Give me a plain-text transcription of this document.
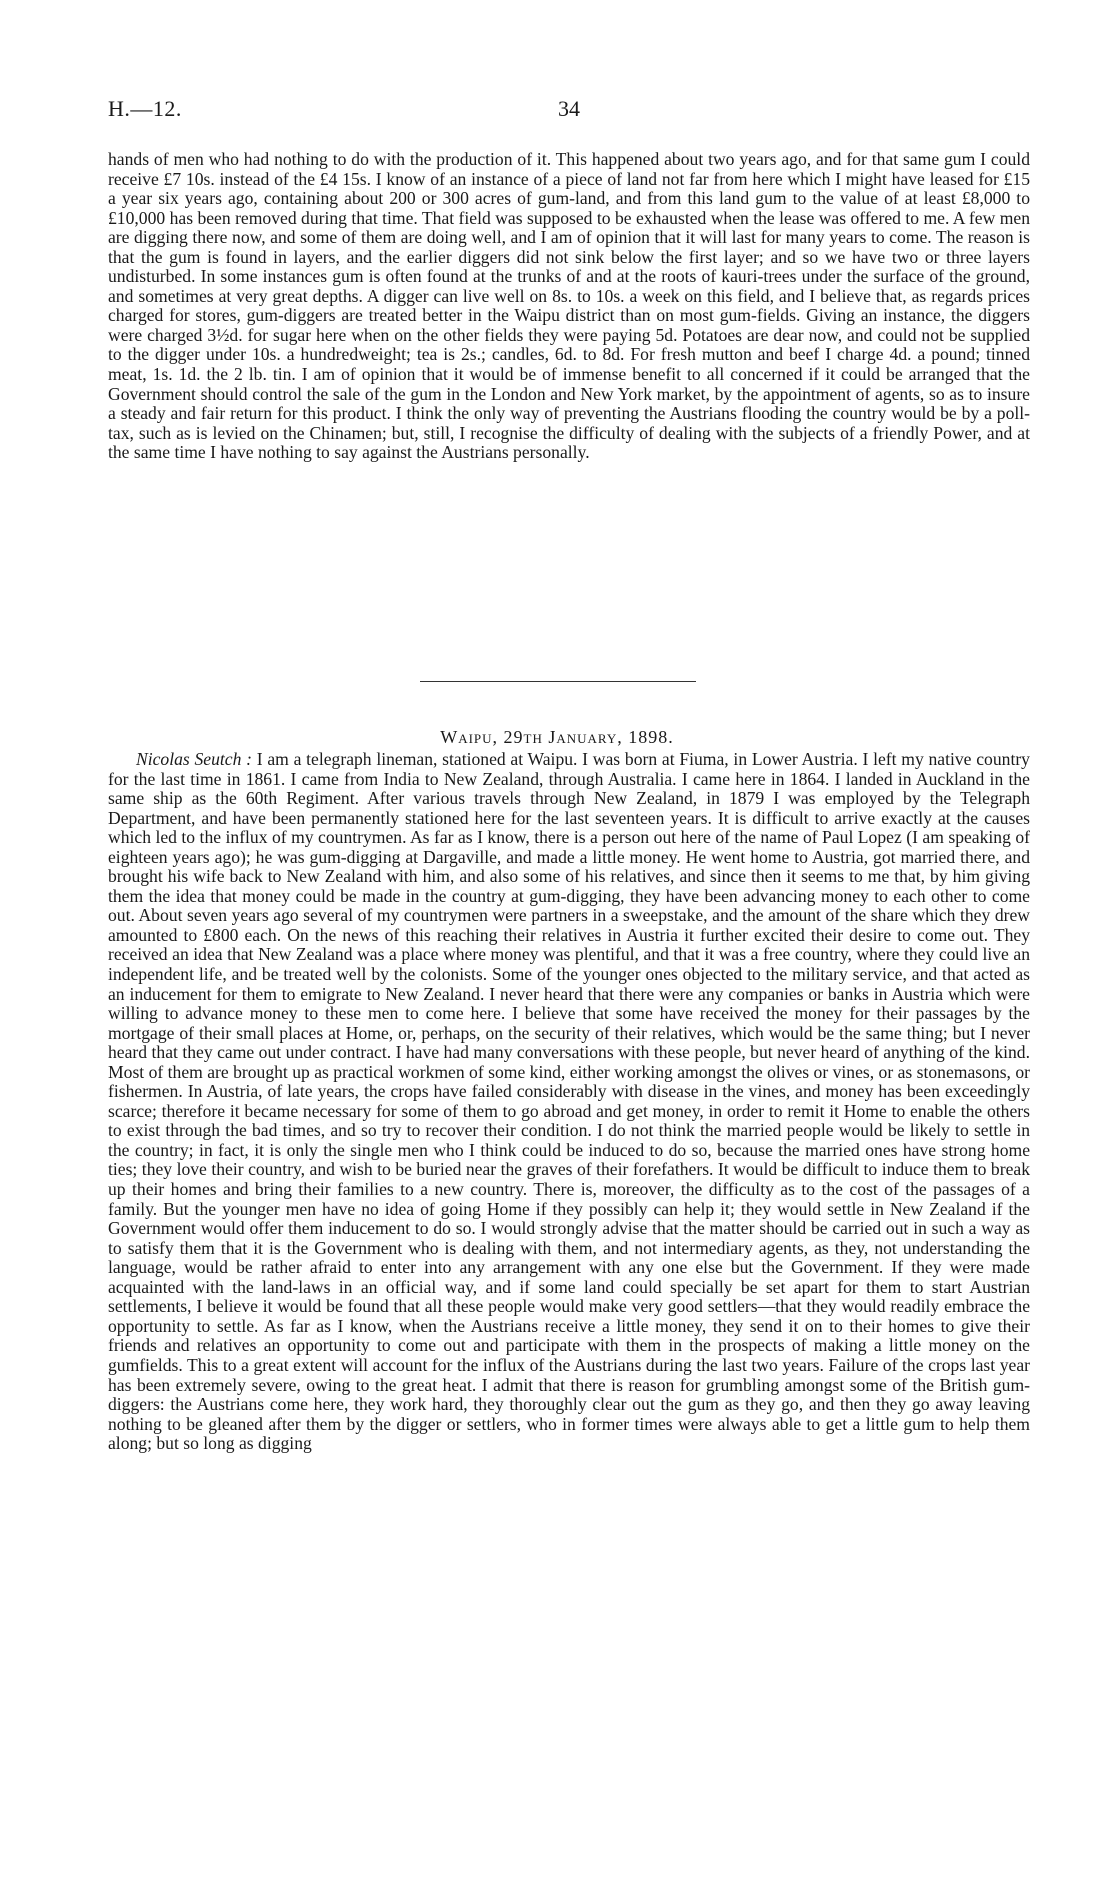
H.—12.	34

hands of men who had nothing to do with the production of it. This happened about two years ago, and for that same gum I could receive £7 10s. instead of the £4 15s. I know of an instance of a piece of land not far from here which I might have leased for £15 a year six years ago, containing about 200 or 300 acres of gum-land, and from this land gum to the value of at least £8,000 to £10,000 has been removed during that time. That field was supposed to be exhausted when the lease was offered to me. A few men are digging there now, and some of them are doing well, and I am of opinion that it will last for many years to come. The reason is that the gum is found in layers, and the earlier diggers did not sink below the first layer; and so we have two or three layers undisturbed. In some instances gum is often found at the trunks of and at the roots of kauri-trees under the surface of the ground, and sometimes at very great depths. A digger can live well on 8s. to 10s. a week on this field, and I believe that, as regards prices charged for stores, gum-diggers are treated better in the Waipu district than on most gum-fields. Giving an instance, the diggers were charged 3½d. for sugar here when on the other fields they were paying 5d. Potatoes are dear now, and could not be supplied to the digger under 10s. a hundredweight; tea is 2s.; candles, 6d. to 8d. For fresh mutton and beef I charge 4d. a pound; tinned meat, 1s. 1d. the 2 lb. tin. I am of opinion that it would be of immense benefit to all concerned if it could be arranged that the Government should control the sale of the gum in the London and New York market, by the appointment of agents, so as to insure a steady and fair return for this product. I think the only way of preventing the Austrians flooding the country would be by a poll-tax, such as is levied on the Chinamen; but, still, I recognise the difficulty of dealing with the subjects of a friendly Power, and at the same time I have nothing to say against the Austrians personally.

Waipu, 29th January, 1898.

Nicolas Seutch : I am a telegraph lineman, stationed at Waipu. I was born at Fiuma, in Lower Austria. I left my native country for the last time in 1861. I came from India to New Zealand, through Australia. I came here in 1864. I landed in Auckland in the same ship as the 60th Regiment. After various travels through New Zealand, in 1879 I was employed by the Telegraph Department, and have been permanently stationed here for the last seventeen years. It is difficult to arrive exactly at the causes which led to the influx of my countrymen. As far as I know, there is a person out here of the name of Paul Lopez (I am speaking of eighteen years ago); he was gum-digging at Dargaville, and made a little money. He went home to Austria, got married there, and brought his wife back to New Zealand with him, and also some of his relatives, and since then it seems to me that, by him giving them the idea that money could be made in the country at gum-digging, they have been advancing money to each other to come out. About seven years ago several of my countrymen were partners in a sweepstake, and the amount of the share which they drew amounted to £800 each. On the news of this reaching their relatives in Austria it further excited their desire to come out. They received an idea that New Zealand was a place where money was plentiful, and that it was a free country, where they could live an independent life, and be treated well by the colonists. Some of the younger ones objected to the military service, and that acted as an inducement for them to emigrate to New Zealand. I never heard that there were any companies or banks in Austria which were willing to advance money to these men to come here. I believe that some have received the money for their passages by the mortgage of their small places at Home, or, perhaps, on the security of their relatives, which would be the same thing; but I never heard that they came out under contract. I have had many conversations with these people, but never heard of anything of the kind. Most of them are brought up as practical workmen of some kind, either working amongst the olives or vines, or as stonemasons, or fishermen. In Austria, of late years, the crops have failed considerably with disease in the vines, and money has been exceedingly scarce; therefore it became necessary for some of them to go abroad and get money, in order to remit it Home to enable the others to exist through the bad times, and so try to recover their condition. I do not think the married people would be likely to settle in the country; in fact, it is only the single men who I think could be induced to do so, because the married ones have strong home ties; they love their country, and wish to be buried near the graves of their forefathers. It would be difficult to induce them to break up their homes and bring their families to a new country. There is, moreover, the difficulty as to the cost of the passages of a family. But the younger men have no idea of going Home if they possibly can help it; they would settle in New Zealand if the Government would offer them inducement to do so. I would strongly advise that the matter should be carried out in such a way as to satisfy them that it is the Government who is dealing with them, and not intermediary agents, as they, not understanding the language, would be rather afraid to enter into any arrangement with any one else but the Government. If they were made acquainted with the land-laws in an official way, and if some land could specially be set apart for them to start Austrian settlements, I believe it would be found that all these people would make very good settlers—that they would readily embrace the opportunity to settle. As far as I know, when the Austrians receive a little money, they send it on to their homes to give their friends and relatives an opportunity to come out and participate with them in the prospects of making a little money on the gumfields. This to a great extent will account for the influx of the Austrians during the last two years. Failure of the crops last year has been extremely severe, owing to the great heat. I admit that there is reason for grumbling amongst some of the British gum-diggers: the Austrians come here, they work hard, they thoroughly clear out the gum as they go, and then they go away leaving nothing to be gleaned after them by the digger or settlers, who in former times were always able to get a little gum to help them along; but so long as digging
